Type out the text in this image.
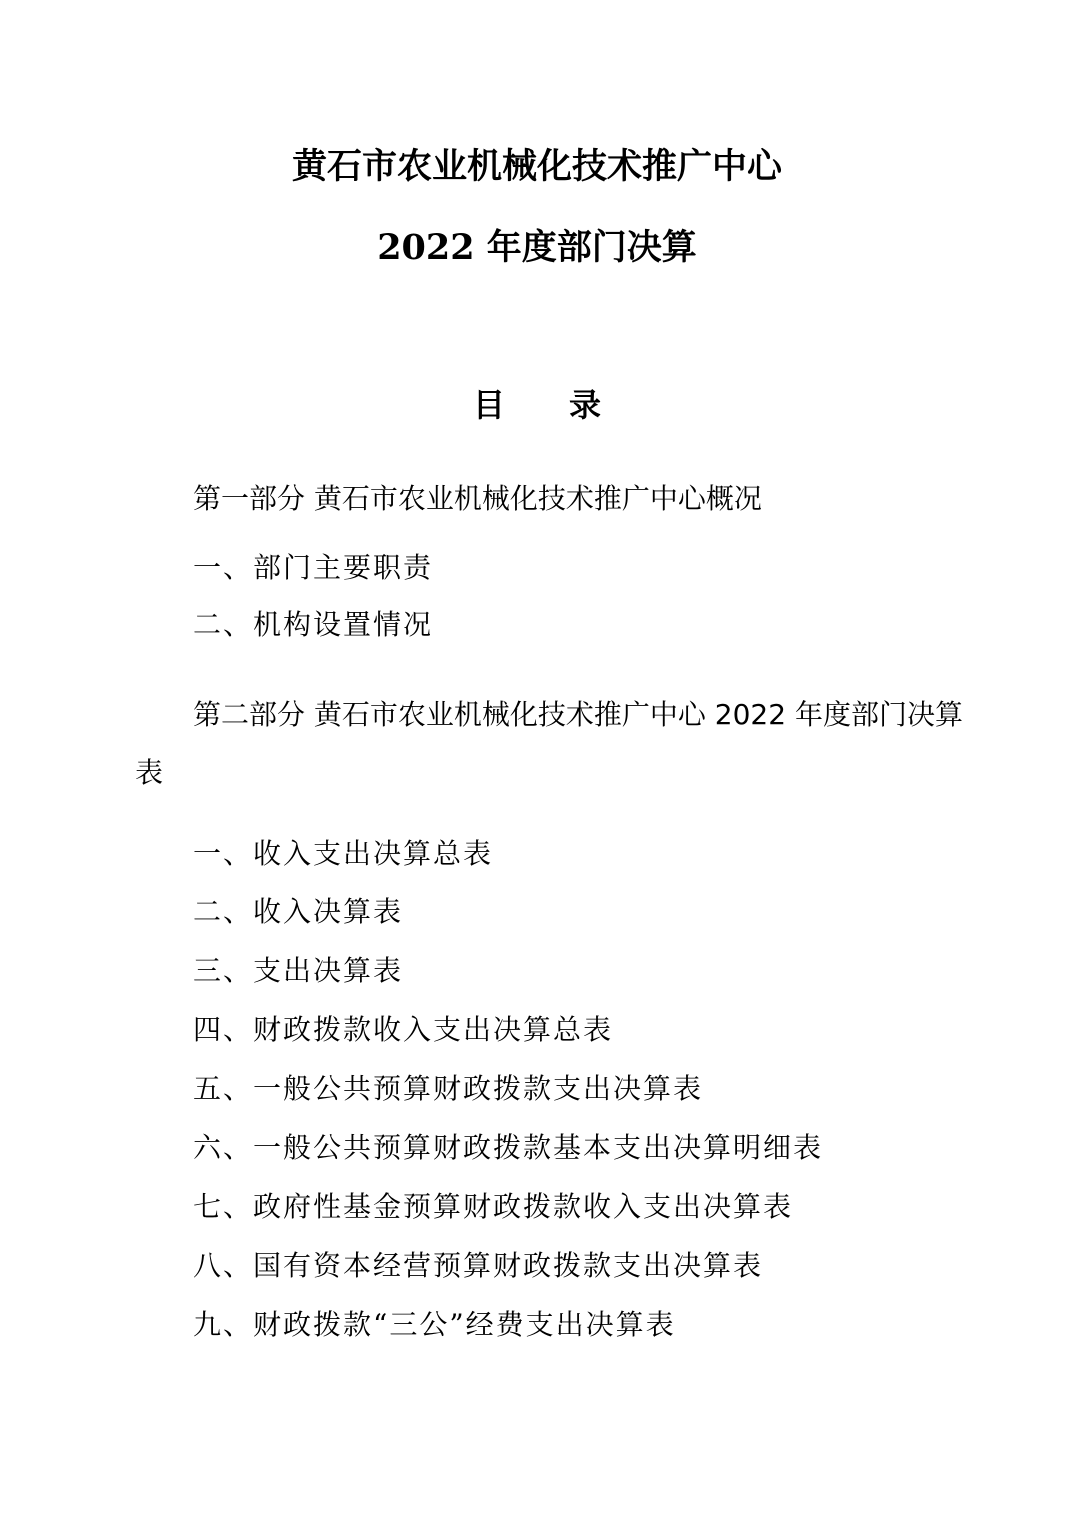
黄石市农业机械化技术推广中心
2022 年度部门决算
目　　录
第一部分 黄石市农业机械化技术推广中心概况
一、部门主要职责
二、机构设置情况
第二部分 黄石市农业机械化技术推广中心 2022 年度部门决算
表
一、收入支出决算总表
二、收入决算表
三、支出决算表
四、财政拨款收入支出决算总表
五、一般公共预算财政拨款支出决算表
六、一般公共预算财政拨款基本支出决算明细表
七、政府性基金预算财政拨款收入支出决算表
八、国有资本经营预算财政拨款支出决算表
九、财政拨款“三公”经费支出决算表
